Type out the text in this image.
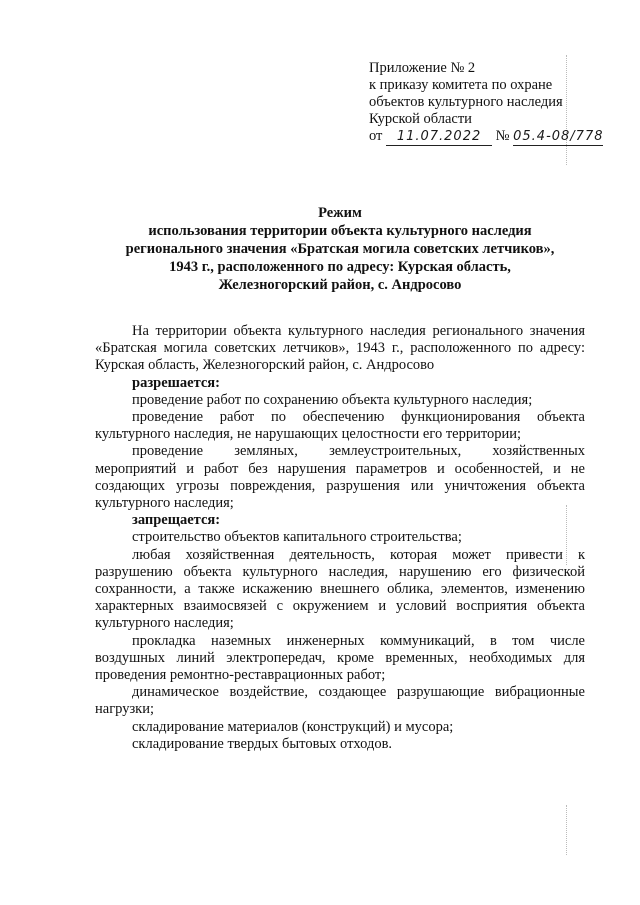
Приложение № 2
к приказу комитета по охране
объектов культурного наследия
Курской области
от 11.07.2022 № 05.4-08/778
Режим
использования территории объекта культурного наследия
регионального значения «Братская могила советских летчиков»,
1943 г., расположенного по адресу: Курская область,
Железногорский район, с. Андросово

На территории объекта культурного наследия регионального значения «Братская могила советских летчиков», 1943 г., расположенного по адресу: Курская область, Железногорский район, с. Андросово

разрешается:

проведение работ по сохранению объекта культурного наследия;

проведение работ по обеспечению функционирования объекта культурного наследия, не нарушающих целостности его территории;

проведение земляных, землеустроительных, хозяйственных мероприятий и работ без нарушения параметров и особенностей, и не создающих угрозы повреждения, разрушения или уничтожения объекта культурного наследия;

запрещается:

строительство объектов капитального строительства;

любая хозяйственная деятельность, которая может привести к разрушению объекта культурного наследия, нарушению его физической сохранности, а также искажению внешнего облика, элементов, изменению характерных взаимосвязей с окружением и условий восприятия объекта культурного наследия;

прокладка наземных инженерных коммуникаций, в том числе воздушных линий электропередач, кроме временных, необходимых для проведения ремонтно-реставрационных работ;

динамическое воздействие, создающее разрушающие вибрационные нагрузки;

складирование материалов (конструкций) и мусора;

складирование твердых бытовых отходов.
